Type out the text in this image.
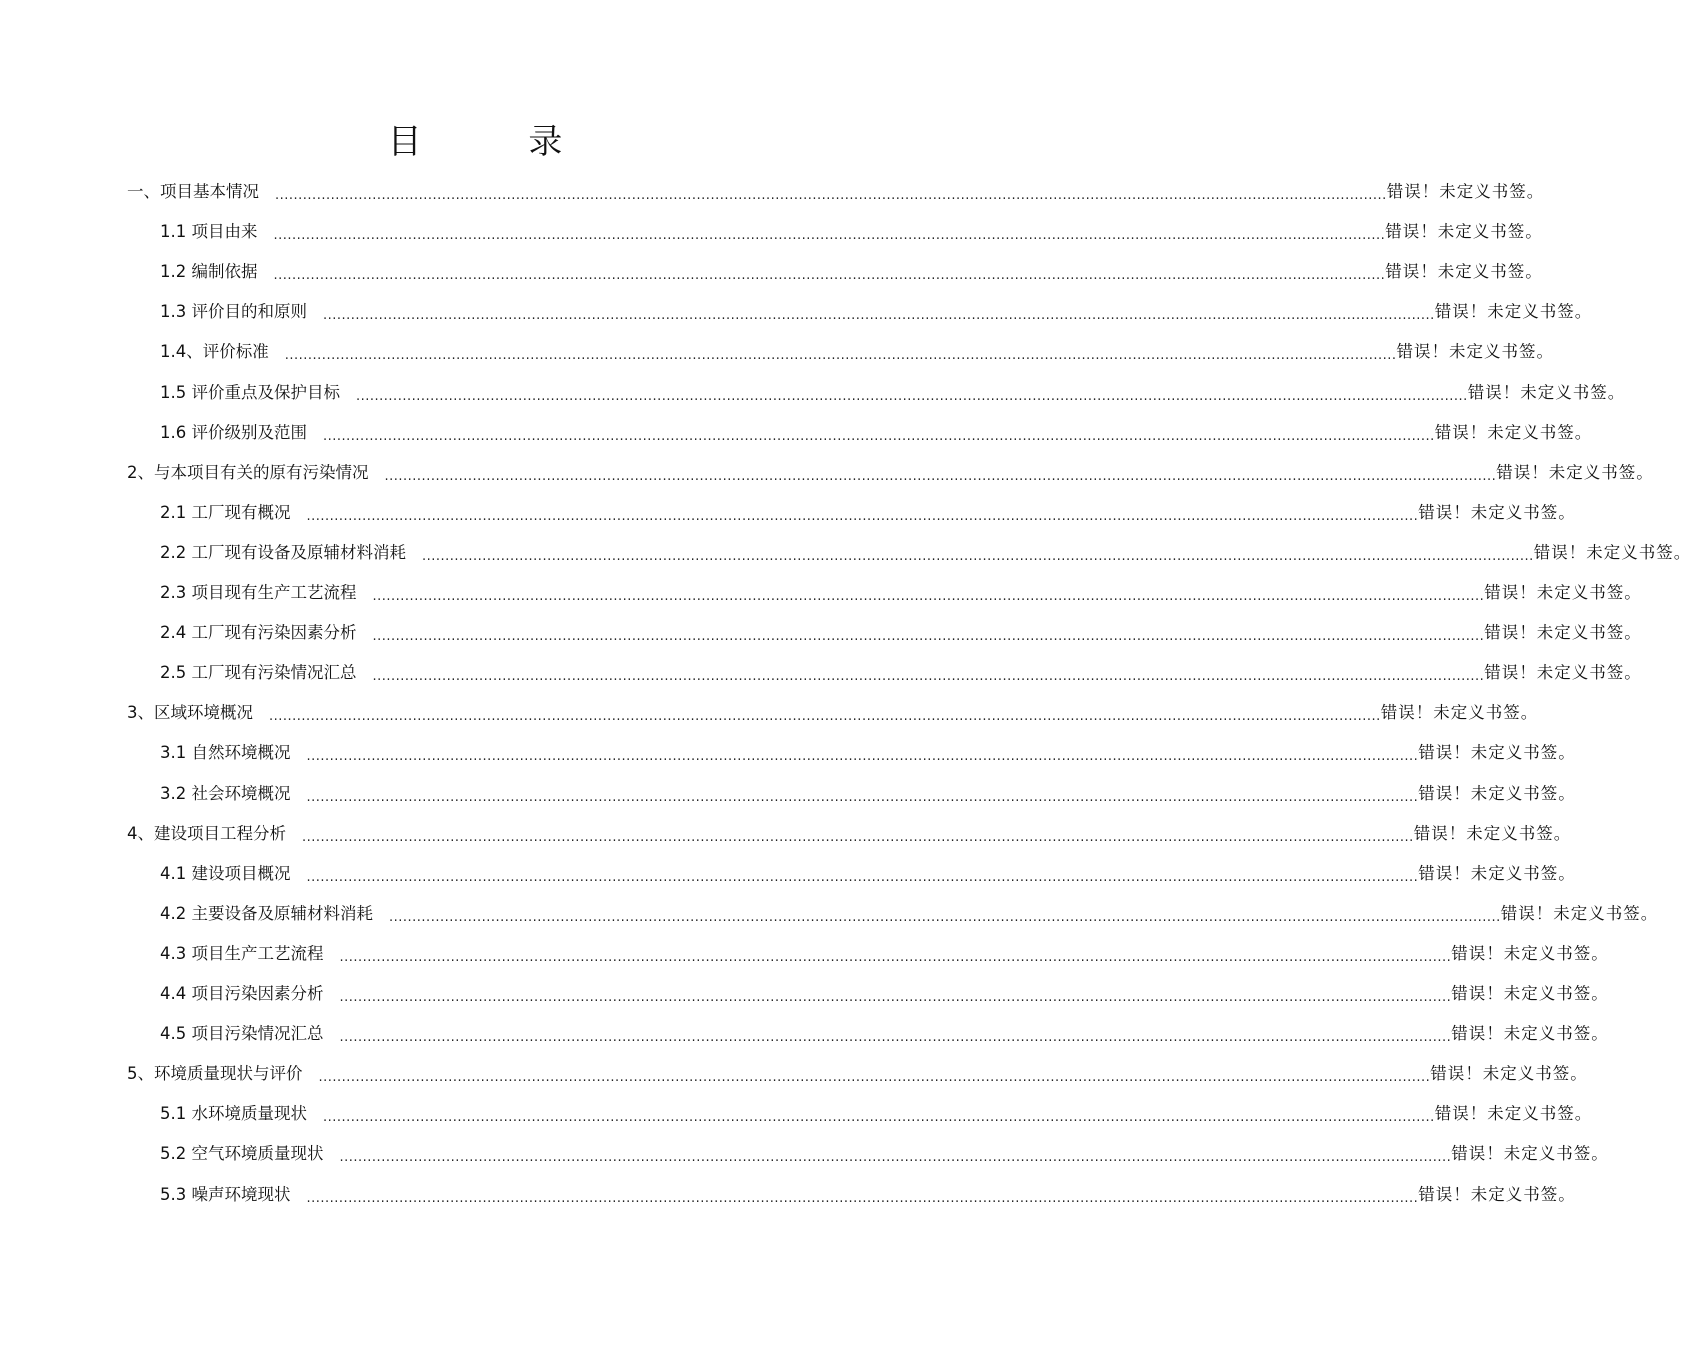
目 录
一、项目基本情况	................................................................................................................................................................................................................................................ 错误！未定义书签。
1.1 项目由来	................................................................................................................................................................................................................................................ 错误！未定义书签。
1.2 编制依据	................................................................................................................................................................................................................................................ 错误！未定义书签。
1.3 评价目的和原则	................................................................................................................................................................................................................................................ 错误！未定义书签。
1.4、评价标准	................................................................................................................................................................................................................................................ 错误！未定义书签。
1.5 评价重点及保护目标	................................................................................................................................................................................................................................................ 错误！未定义书签。
1.6 评价级别及范围	................................................................................................................................................................................................................................................ 错误！未定义书签。
2、与本项目有关的原有污染情况	................................................................................................................................................................................................................................................ 错误！未定义书签。
2.1 工厂现有概况	................................................................................................................................................................................................................................................ 错误！未定义书签。
2.2 工厂现有设备及原辅材料消耗	................................................................................................................................................................................................................................................ 错误！未定义书签。
2.3 项目现有生产工艺流程	................................................................................................................................................................................................................................................ 错误！未定义书签。
2.4 工厂现有污染因素分析	................................................................................................................................................................................................................................................ 错误！未定义书签。
2.5 工厂现有污染情况汇总	................................................................................................................................................................................................................................................ 错误！未定义书签。
3、区域环境概况	................................................................................................................................................................................................................................................ 错误！未定义书签。
3.1 自然环境概况	................................................................................................................................................................................................................................................ 错误！未定义书签。
3.2 社会环境概况	................................................................................................................................................................................................................................................ 错误！未定义书签。
4、建设项目工程分析	................................................................................................................................................................................................................................................ 错误！未定义书签。
4.1 建设项目概况	................................................................................................................................................................................................................................................ 错误！未定义书签。
4.2 主要设备及原辅材料消耗	................................................................................................................................................................................................................................................ 错误！未定义书签。
4.3 项目生产工艺流程	................................................................................................................................................................................................................................................ 错误！未定义书签。
4.4 项目污染因素分析	................................................................................................................................................................................................................................................ 错误！未定义书签。
4.5 项目污染情况汇总	................................................................................................................................................................................................................................................ 错误！未定义书签。
5、环境质量现状与评价	................................................................................................................................................................................................................................................ 错误！未定义书签。
5.1 水环境质量现状	................................................................................................................................................................................................................................................ 错误！未定义书签。
5.2 空气环境质量现状	................................................................................................................................................................................................................................................ 错误！未定义书签。
5.3 噪声环境现状	................................................................................................................................................................................................................................................ 错误！未定义书签。
